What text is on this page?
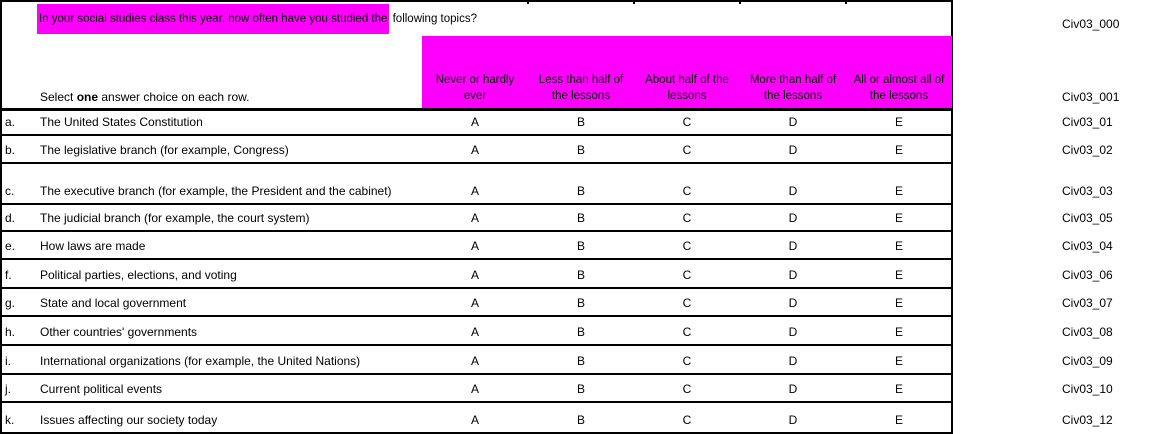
In your social studies class this year, how often have you studied the following topics?	Civ03_000
Select one answer choice on each row.	Civ03_001
Never or hardly
ever
Less than half of
the lessons
About half of the
lessons
More than half of
the lessons
All or almost all of
the lessons
a. The United States Constitution	Civ03_01
A	B	C	D	E
b. The legislative branch (for example, Congress)	Civ03_02
A	B	C	D	E
c. The executive branch (for example, the President and the cabinet)	Civ03_03
A	B	C	D	E
d. The judicial branch (for example, the court system)	Civ03_05
A	B	C	D	E
e. How laws are made	Civ03_04
A	B	C	D	E
f. Political parties, elections, and voting	Civ03_06
A	B	C	D	E
g. State and local government	Civ03_07
A	B	C	D	E
h. Other countries' governments	Civ03_08
A	B	C	D	E
i. International organizations (for example, the United Nations)	Civ03_09
A	B	C	D	E
j. Current political events	Civ03_10
A	B	C	D	E
k. Issues affecting our society today	Civ03_12
A	B	C	D	E
